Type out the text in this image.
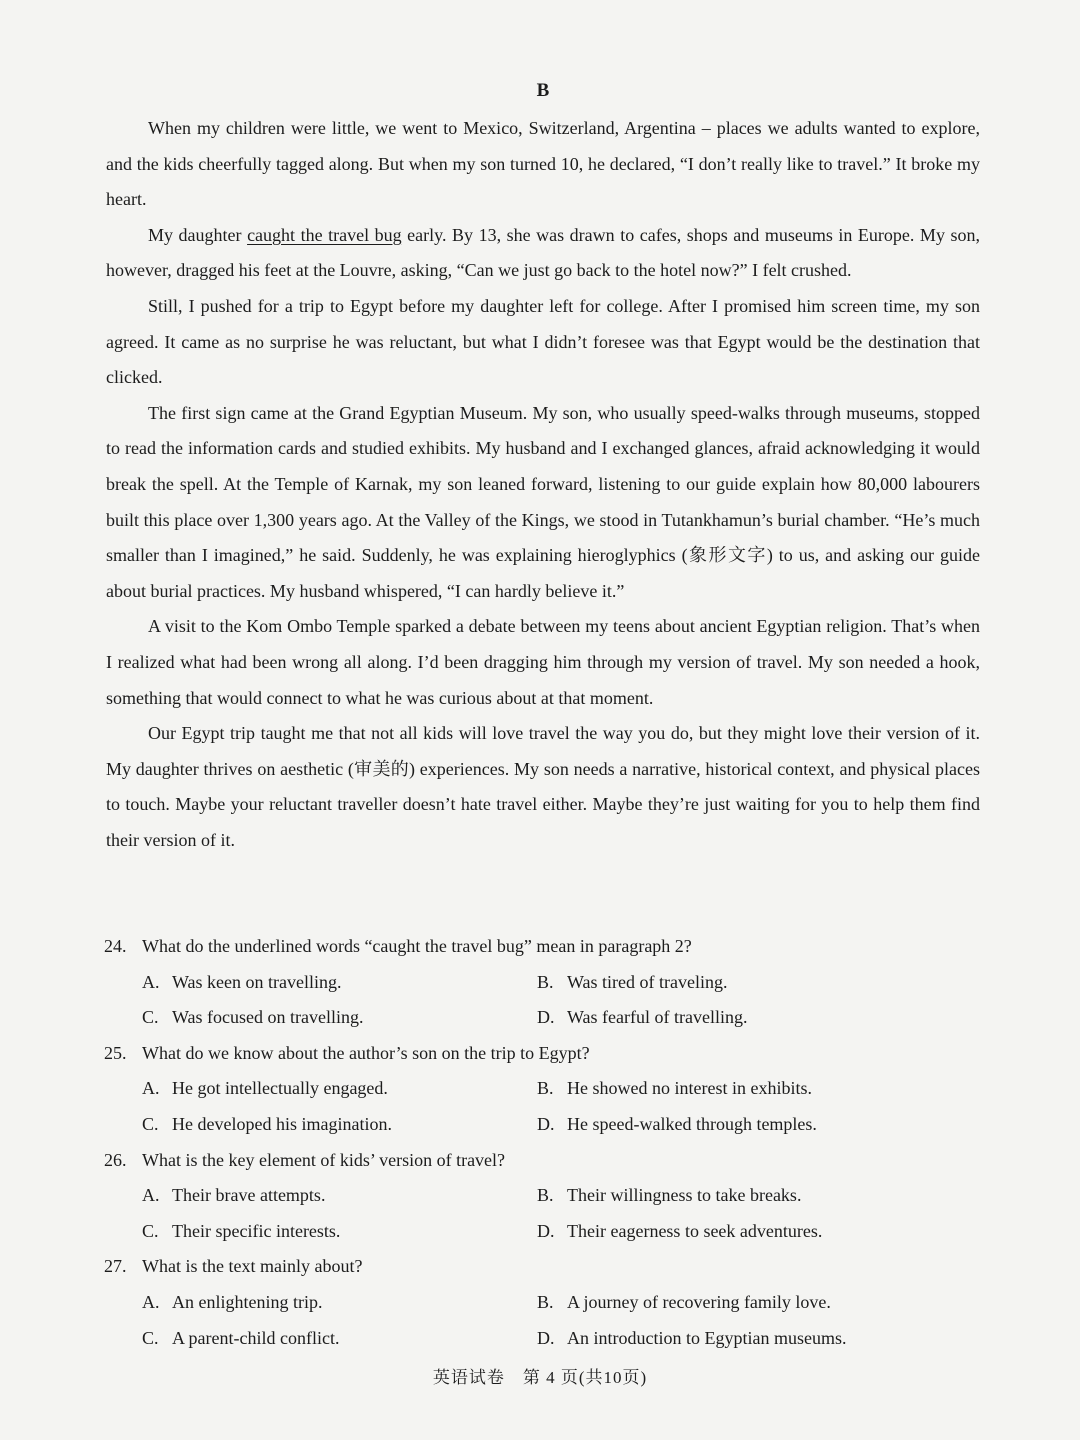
B

When my children were little, we went to Mexico, Switzerland, Argentina – places we adults wanted to explore, and the kids cheerfully tagged along. But when my son turned 10, he declared, “I don’t really like to travel.” It broke my heart.

My daughter caught the travel bug early. By 13, she was drawn to cafes, shops and museums in Europe. My son, however, dragged his feet at the Louvre, asking, “Can we just go back to the hotel now?” I felt crushed.

Still, I pushed for a trip to Egypt before my daughter left for college. After I promised him screen time, my son agreed. It came as no surprise he was reluctant, but what I didn’t foresee was that Egypt would be the destination that clicked.

The first sign came at the Grand Egyptian Museum. My son, who usually speed-walks through museums, stopped to read the information cards and studied exhibits. My husband and I exchanged glances, afraid acknowledging it would break the spell. At the Temple of Karnak, my son leaned forward, listening to our guide explain how 80,000 labourers built this place over 1,300 years ago. At the Valley of the Kings, we stood in Tutankhamun’s burial chamber. “He’s much smaller than I imagined,” he said. Suddenly, he was explaining hieroglyphics (象形文字) to us, and asking our guide about burial practices. My husband whispered, “I can hardly believe it.”

A visit to the Kom Ombo Temple sparked a debate between my teens about ancient Egyptian religion. That’s when I realized what had been wrong all along. I’d been dragging him through my version of travel. My son needed a hook, something that would connect to what he was curious about at that moment.

Our Egypt trip taught me that not all kids will love travel the way you do, but they might love their version of it. My daughter thrives on aesthetic (审美的) experiences. My son needs a narrative, historical context, and physical places to touch. Maybe your reluctant traveller doesn’t hate travel either. Maybe they’re just waiting for you to help them find their version of it.

24. What do the underlined words “caught the travel bug” mean in paragraph 2?
A. Was keen on travelling.	B. Was tired of traveling.
C. Was focused on travelling.	D. Was fearful of travelling.
25. What do we know about the author’s son on the trip to Egypt?
A. He got intellectually engaged.	B. He showed no interest in exhibits.
C. He developed his imagination.	D. He speed-walked through temples.
26. What is the key element of kids’ version of travel?
A. Their brave attempts.	B. Their willingness to take breaks.
C. Their specific interests.	D. Their eagerness to seek adventures.
27. What is the text mainly about?
A. An enlightening trip.	B. A journey of recovering family love.
C. A parent-child conflict.	D. An introduction to Egyptian museums.
英语试卷　第 4 页(共10页)
